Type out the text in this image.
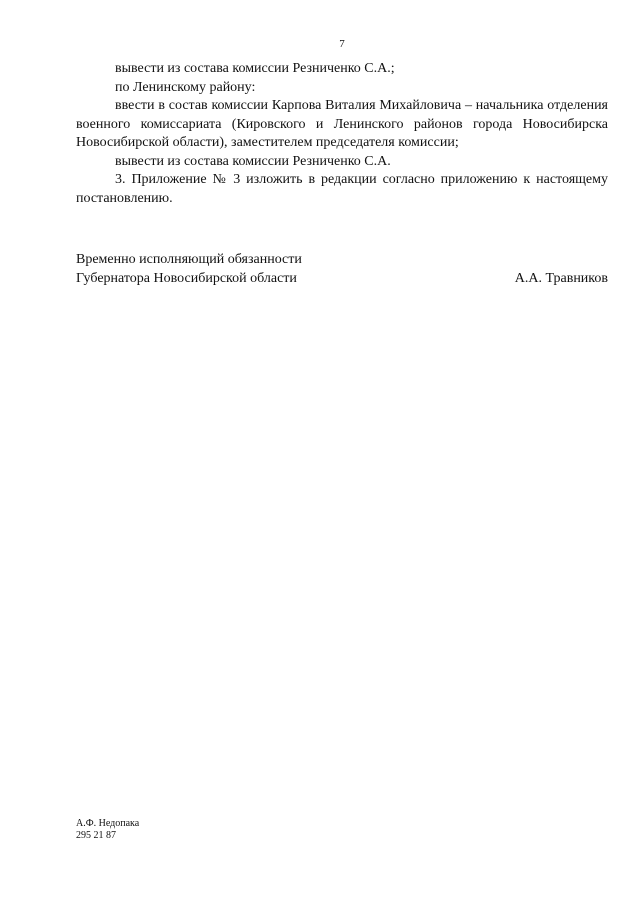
7

вывести из состава комиссии Резниченко С.А.;

по Ленинскому району:

ввести в состав комиссии Карпова Виталия Михайловича – начальника отделения военного комиссариата (Кировского и Ленинского районов города Новосибирска Новосибирской области), заместителем председателя комиссии;

вывести из состава комиссии Резниченко С.А.

3. Приложение № 3 изложить в редакции согласно приложению к настоящему постановлению.

Временно исполняющий обязанности
Губернатора Новосибирской области	А.А. Травников
А.Ф. Недопака
295 21 87
